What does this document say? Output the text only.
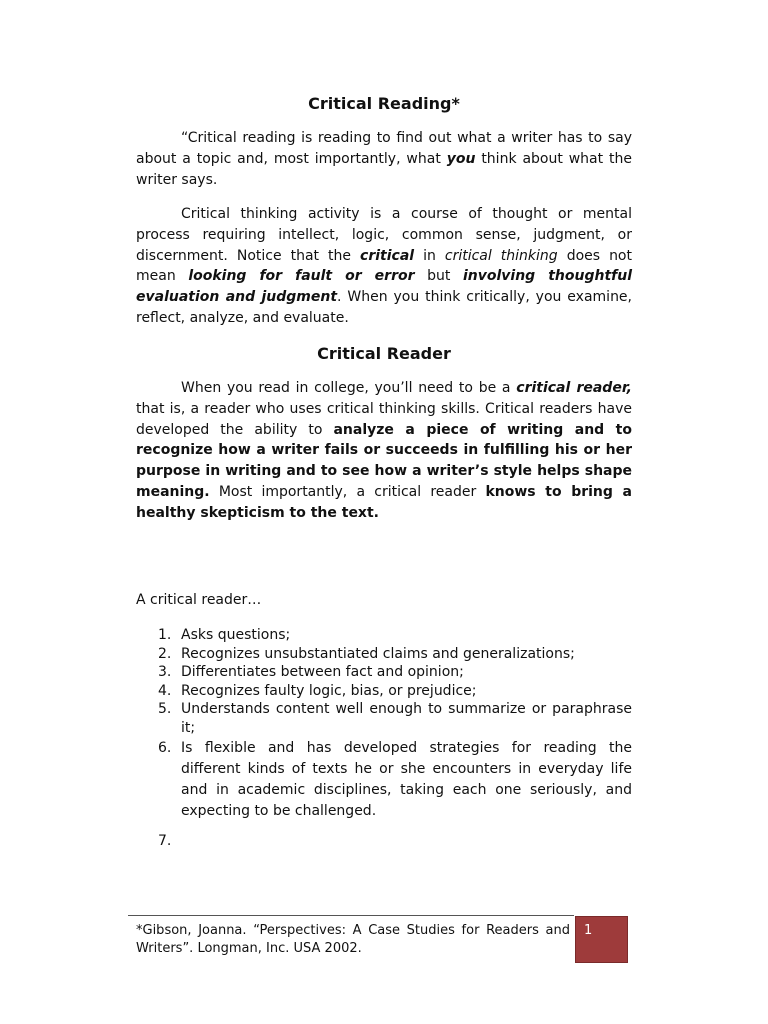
Critical Reading*

“Critical reading is reading to find out what a writer has to say about a topic and, most importantly, what you think about what the writer says.

Critical thinking activity is a course of thought or mental process requiring intellect, logic, common sense, judgment, or discernment. Notice that the critical in critical thinking does not mean looking for fault or error but involving thoughtful evaluation and judgment. When you think critically, you examine, reflect, analyze, and evaluate.

Critical Reader

When you read in college, you’ll need to be a critical reader, that is, a reader who uses critical thinking skills. Critical readers have developed the ability to analyze a piece of writing and to recognize how a writer fails or succeeds in fulfilling his or her purpose in writing and to see how a writer’s style helps shape meaning. Most importantly, a critical reader knows to bring a healthy skepticism to the text.

A critical reader…
1. Asks questions;
2. Recognizes unsubstantiated claims and generalizations;
3. Differentiates between fact and opinion;
4. Recognizes faulty logic, bias, or prejudice;
5. Understands content well enough to summarize or paraphrase it;
6. Is flexible and has developed strategies for reading the different kinds of texts he or she encounters in everyday life and in academic disciplines, taking each one seriously, and expecting to be challenged.
7.
*Gibson, Joanna. “Perspectives: A Case Studies for Readers and Writers”. Longman, Inc. USA 2002.
1
